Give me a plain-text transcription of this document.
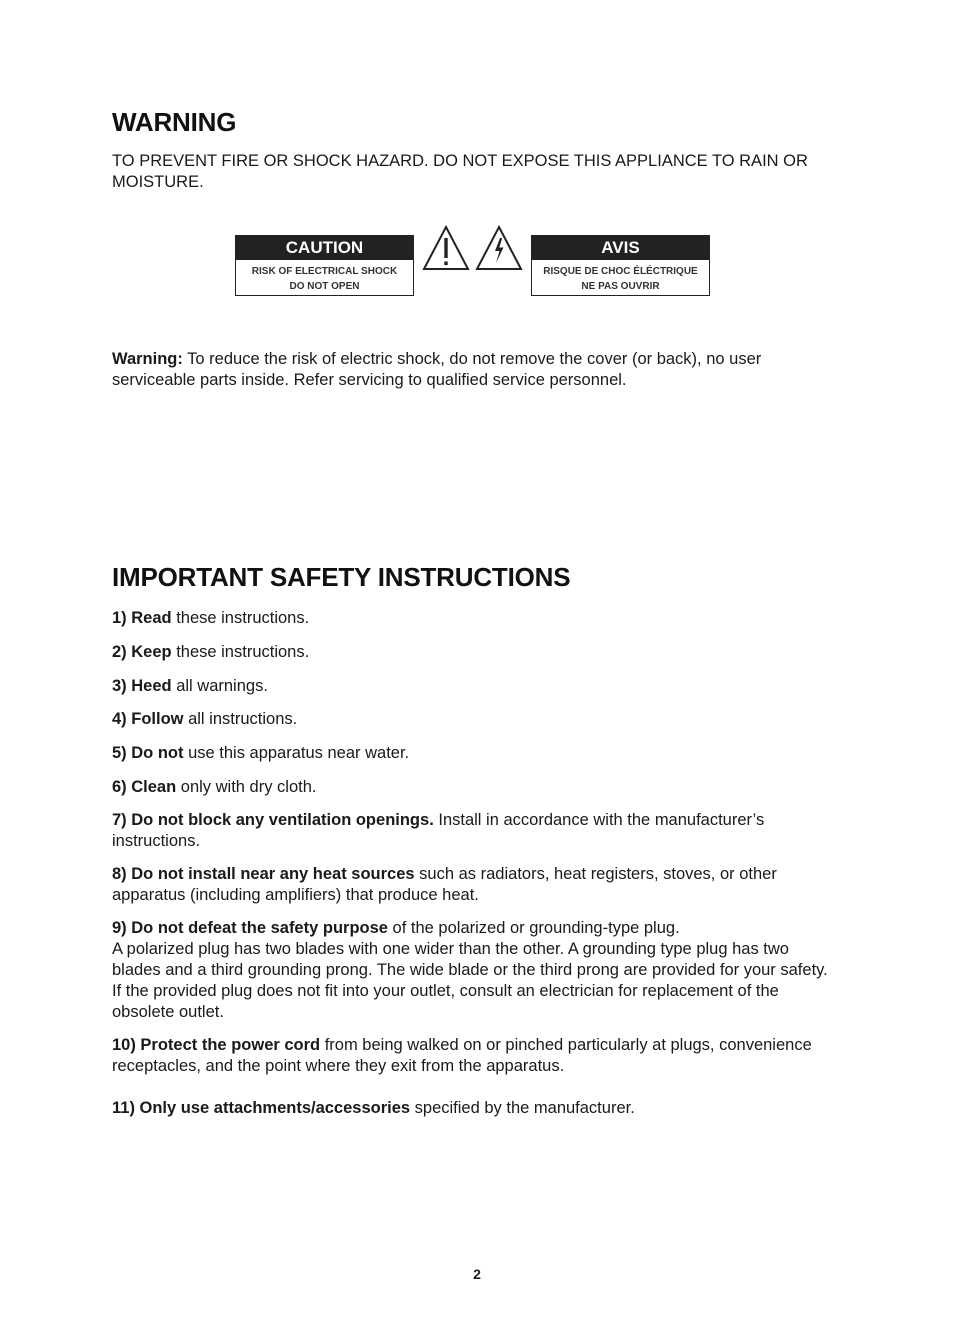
WARNING
TO PREVENT FIRE OR SHOCK HAZARD. DO NOT EXPOSE THIS APPLIANCE TO RAIN OR MOISTURE.
CAUTION
RISK OF ELECTRICAL SHOCK
DO NOT OPEN
AVIS
RISQUE DE CHOC ÉLÉCTRIQUE
NE PAS OUVRIR
Warning: To reduce the risk of electric shock, do not remove the cover (or back), no user serviceable parts inside. Refer servicing to qualified service personnel.
IMPORTANT SAFETY INSTRUCTIONS
1) Read these instructions.
2) Keep these instructions.
3) Heed all warnings.
4) Follow all instructions.
5) Do not use this apparatus near water.
6) Clean only with dry cloth.
7) Do not block any ventilation openings. Install in accordance with the manufacturer’s instructions.
8) Do not install near any heat sources such as radiators, heat registers, stoves, or other apparatus (including amplifiers) that produce heat.
9) Do not defeat the safety purpose of the polarized or grounding-type plug.
A polarized plug has two blades with one wider than the other. A grounding type plug has two blades and a third grounding prong. The wide blade or the third prong are provided for your safety. If the provided plug does not fit into your outlet, consult an electrician for replacement of the obsolete outlet.
10) Protect the power cord from being walked on or pinched particularly at plugs, convenience receptacles, and the point where they exit from the apparatus.
11) Only use attachments/accessories specified by the manufacturer.
2
